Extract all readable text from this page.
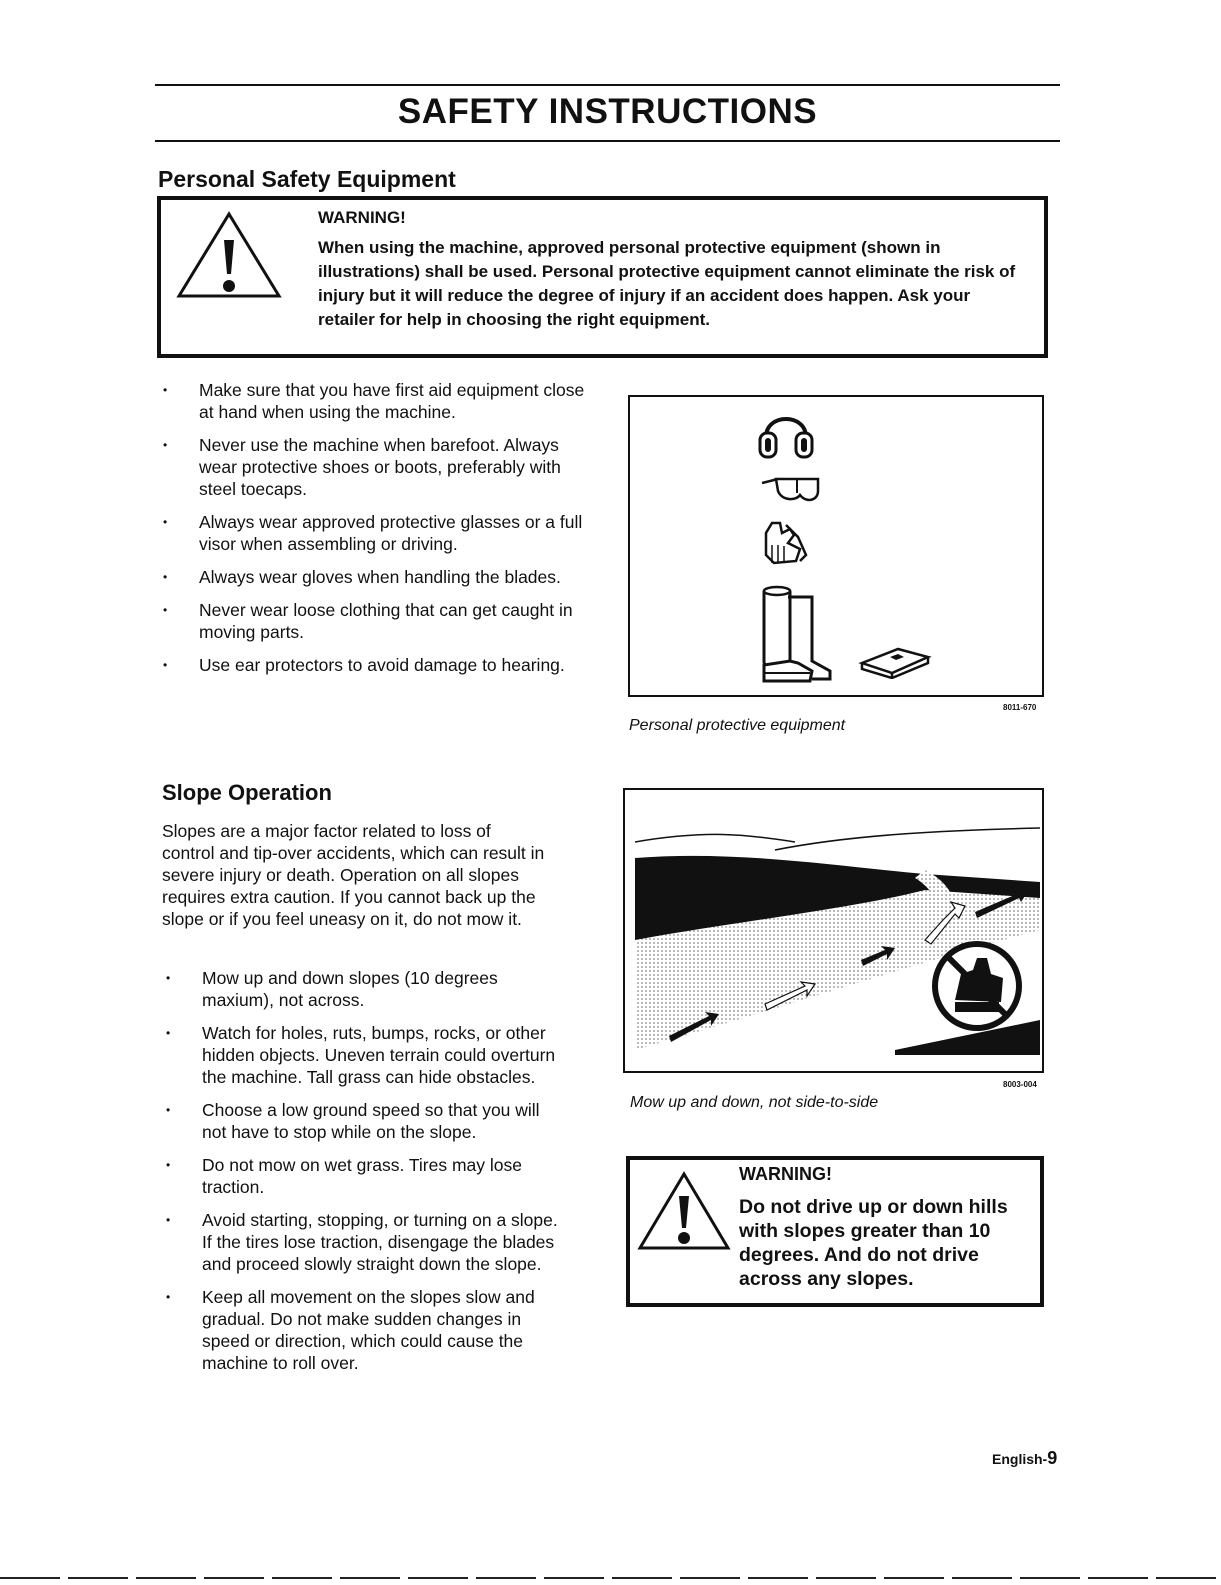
SAFETY INSTRUCTIONS
Personal Safety Equipment
WARNING!
When using the machine, approved personal protective equipment (shown in illustrations) shall be used. Personal protective equipment cannot eliminate the risk of injury but it will reduce the degree of injury if an accident does happen. Ask your retailer for help in choosing the right equipment.
• Make sure that you have first aid equipment close at hand when using the machine.
• Never use the machine when barefoot. Always wear protective shoes or boots, preferably with steel toecaps.
• Always wear approved protective glasses or a full visor when assembling or driving.
• Always wear gloves when handling the blades.
• Never wear loose clothing that can get caught in moving parts.
• Use ear protectors to avoid damage to hearing.
8011-670
Personal protective equipment
Slope Operation
Slopes are a major factor related to loss of control and tip-over accidents, which can result in severe injury or death. Operation on all slopes requires extra caution. If you cannot back up the slope or if you feel uneasy on it, do not mow it.
• Mow up and down slopes (10 degrees maxium), not across.
• Watch for holes, ruts, bumps, rocks, or other hidden objects. Uneven terrain could overturn the machine. Tall grass can hide obstacles.
• Choose a low ground speed so that you will not have to stop while on the slope.
• Do not mow on wet grass. Tires may lose traction.
• Avoid starting, stopping, or turning on a slope. If the tires lose traction, disengage the blades and proceed slowly straight down the slope.
• Keep all movement on the slopes slow and gradual. Do not make sudden changes in speed or direction, which could cause the machine to roll over.
8003-004
Mow up and down, not side-to-side
WARNING!
Do not drive up or down hills with slopes greater than 10 degrees. And do not drive across any slopes.
English-9
